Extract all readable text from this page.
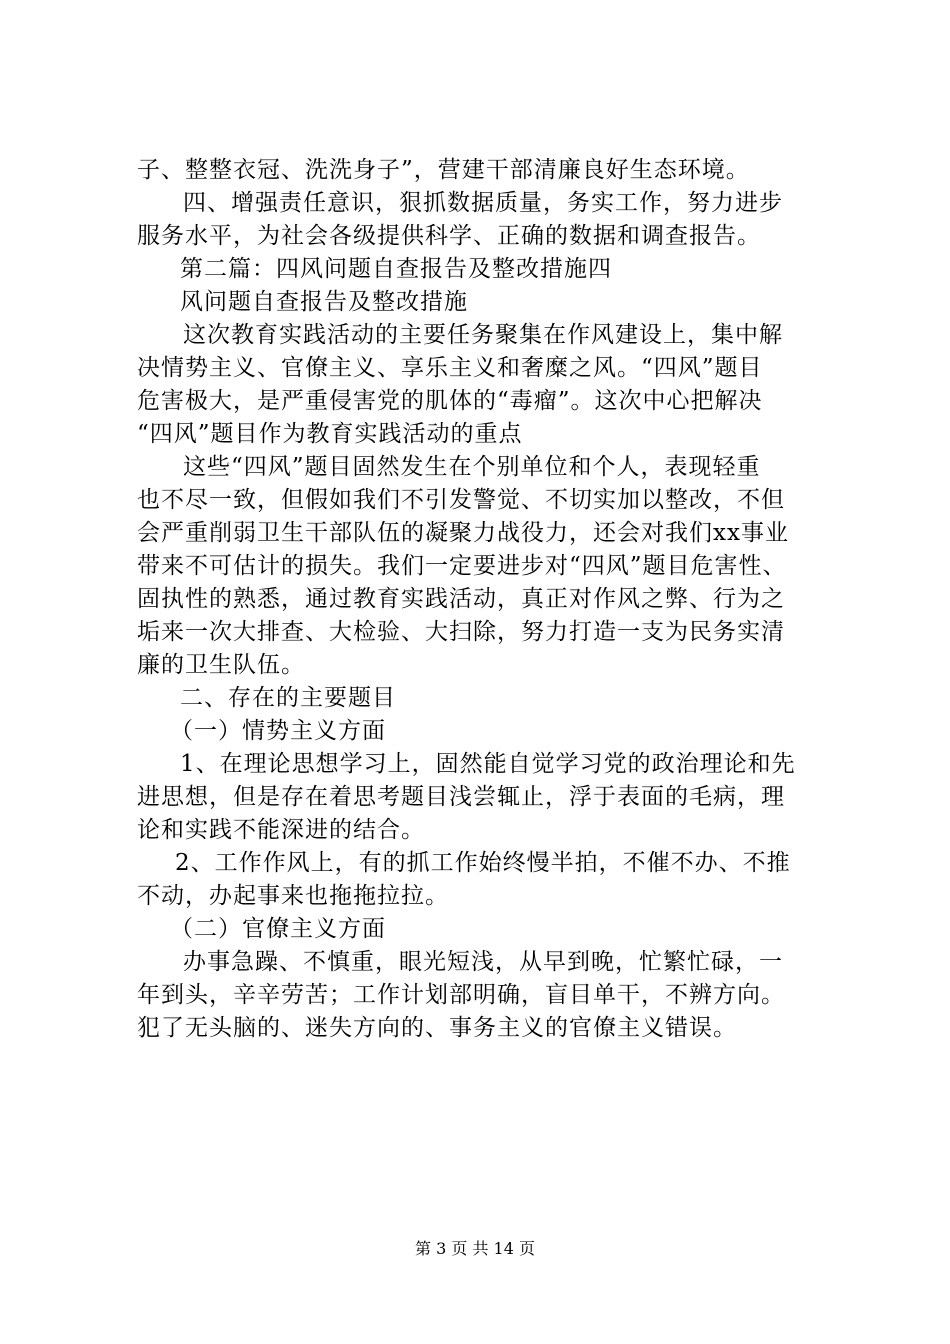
子、整整衣冠、洗洗身子”，营建干部清廉良好生态环境。
四、增强责任意识，狠抓数据质量，务实工作，努力进步
服务水平，为社会各级提供科学、正确的数据和调查报告。
第二篇：四风问题自查报告及整改措施四
风问题自查报告及整改措施
这次教育实践活动的主要任务聚集在作风建设上，集中解
决情势主义、官僚主义、享乐主义和奢糜之风。“四风”题目
危害极大，是严重侵害党的肌体的“毒瘤”。这次中心把解决
“四风”题目作为教育实践活动的重点
这些“四风”题目固然发生在个别单位和个人，表现轻重
也不尽一致，但假如我们不引发警觉、不切实加以整改，不但
会严重削弱卫生干部队伍的凝聚力战役力，还会对我们xx事业
带来不可估计的损失。我们一定要进步对“四风”题目危害性、
固执性的熟悉，通过教育实践活动，真正对作风之弊、行为之
垢来一次大排查、大检验、大扫除，努力打造一支为民务实清
廉的卫生队伍。
二、存在的主要题目
（一）情势主义方面
1、在理论思想学习上，固然能自觉学习党的政治理论和先
进思想，但是存在着思考题目浅尝辄止，浮于表面的毛病，理
论和实践不能深进的结合。
2、工作作风上，有的抓工作始终慢半拍，不催不办、不推
不动，办起事来也拖拖拉拉。
（二）官僚主义方面
办事急躁、不慎重，眼光短浅，从早到晚，忙繁忙碌，一
年到头，辛辛劳苦；工作计划部明确，盲目单干，不辨方向。
犯了无头脑的、迷失方向的、事务主义的官僚主义错误。
第 3 页 共 14 页
